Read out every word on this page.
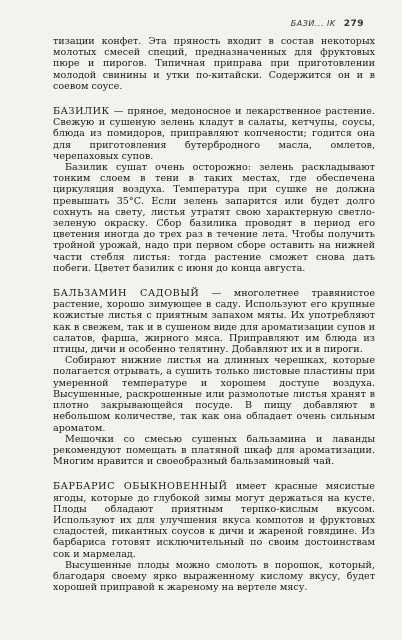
БАЗИ... IK 279

тизации конфет. Эта пряность входит в состав некоторых молотых смесей специй, предназначенных для фруктовых пюре и пирогов. Типичная приправа при приготовлении молодой свинины и утки по-китайски. Содержится он и в соевом соусе.

БАЗИЛИК — пряное, медоносное и лекарственное растение. Свежую и сушеную зелень кладут в салаты, кетчупы, соусы, блюда из помидоров, приправляют копчености; годится она для приготовления бутербродного масла, омлетов, черепаховых супов.

Базилик сушат очень осторожно: зелень раскладывают тонким слоем в тени в таких местах, где обеспечена циркуляция воздуха. Температура при сушке не должна превышать 35°С. Если зелень запарится или будет долго сохнуть на свету, листья утратят свою характерную светло-зеленую окраску. Сбор базилика проводят в период его цветения иногда до трех раз в течение лета. Чтобы получить тройной урожай, надо при первом сборе оставить на нижней части стебля листья: тогда растение сможет снова дать побеги. Цветет базилик с июня до конца августа.

БАЛЬЗАМИН САДОВЫЙ — многолетнее травянистое растение, хорошо зимующее в саду. Используют его крупные кожистые листья с приятным запахом мяты. Их употребляют как в свежем, так и в сушеном виде для ароматизации супов и салатов, фарша, жирного мяса. Приправляют им блюда из птицы, дичи и особенно телятину. Добавляют их и в пироги.

Собирают нижние листья на длинных черешках, которые полагается отрывать, а сушить только листовые пластины при умеренной температуре и хорошем доступе воздуха. Высушенные, раскрошенные или размолотые листья хранят в плотно закрывающейся посуде. В пищу добавляют в небольшом количестве, так как она обладает очень сильным ароматом.

Мешочки со смесью сушеных бальзамина и лаванды рекомендуют помещать в платяной шкаф для ароматизации. Многим нравится и своеобразный бальзаминовый чай.

БАРБАРИС ОБЫКНОВЕННЫЙ имеет красные мясистые ягоды, которые до глубокой зимы могут держаться на кусте. Плоды обладают приятным терпко-кислым вкусом. Используют их для улучшения вкуса компотов и фруктовых сладостей, пикантных соусов к дичи и жареной говядине. Из барбариса готовят исключительный по своим достоинствам сок и мармелад.

Высушенные плоды можно смолоть в порошок, который, благодаря своему ярко выраженному кислому вкусу, будет хорошей приправой к жареному на вертеле мясу.
